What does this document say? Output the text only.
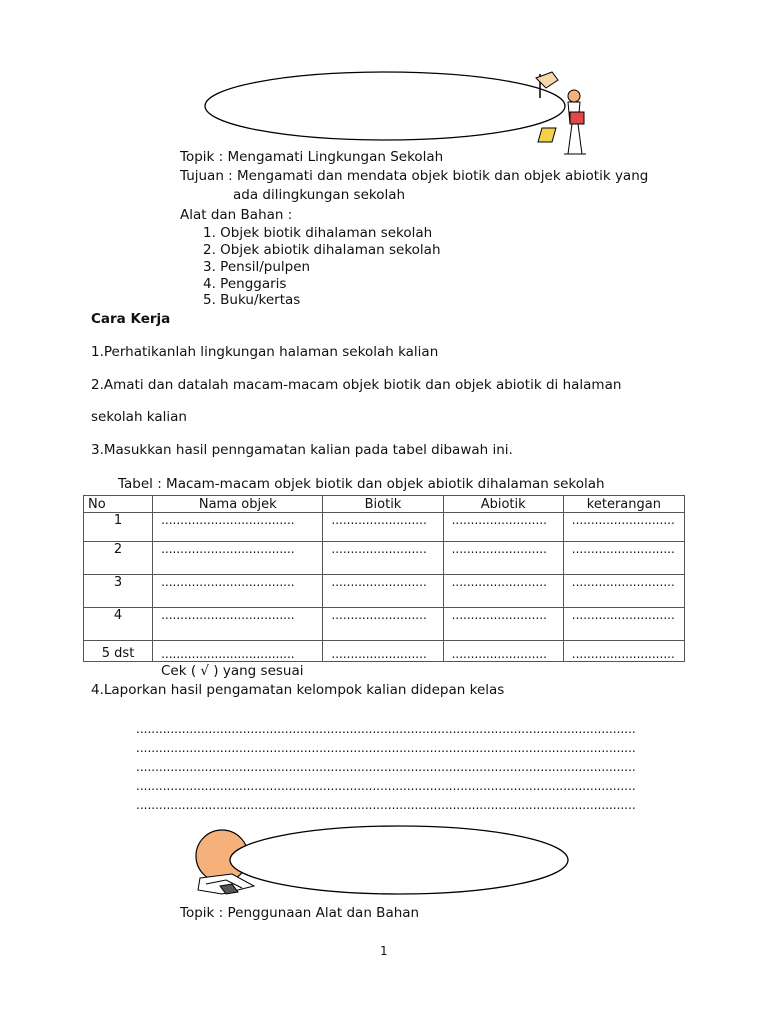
Topik : Mengamati Lingkungan Sekolah
Tujuan : Mengamati dan mendata objek biotik dan objek abiotik yang
ada dilingkungan sekolah
Alat dan Bahan :
1. Objek biotik dihalaman sekolah
2. Objek abiotik dihalaman sekolah
3. Pensil/pulpen
4. Penggaris
5. Buku/kertas
Cara Kerja
1.Perhatikanlah lingkungan halaman sekolah kalian
2.Amati dan datalah macam-macam objek biotik dan objek abiotik di halaman
sekolah kalian
3.Masukkan hasil penngamatan kalian pada tabel dibawah ini.
Tabel : Macam-macam objek biotik dan objek abiotik dihalaman sekolah
No	Nama objek	Biotik	Abiotik	keterangan
1	...................................	.........................	.........................	...........................
2	...................................	.........................	.........................	...........................
3	...................................	.........................	.........................	...........................
4	...................................	.........................	.........................	...........................
5 dst	...................................	.........................	.........................	...........................
Cek ( √ ) yang sesuai
4.Laporkan hasil pengamatan kelompok kalian didepan kelas
...................................................................................................................................
...................................................................................................................................
...................................................................................................................................
...................................................................................................................................
...................................................................................................................................
Topik : Penggunaan Alat dan Bahan
1
